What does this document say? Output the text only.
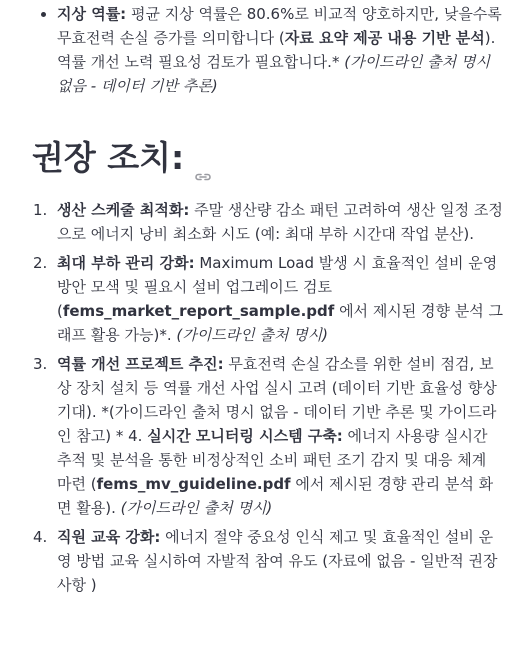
• 지상 역률: 평균 지상 역률은 80.6%로 비교적 양호하지만, 낮을수록 무효전력 손실 증가를 의미합니다 (자료 요약 제공 내용 기반 분석). 역률 개선 노력 필요성 검토가 필요합니다.* (가이드라인 출처 명시 없음 - 데이터 기반 추론)
권장 조치:
1. 생산 스케줄 최적화: 주말 생산량 감소 패턴 고려하여 생산 일정 조정으로 에너지 낭비 최소화 시도 (예: 최대 부하 시간대 작업 분산).
2. 최대 부하 관리 강화: Maximum Load 발생 시 효율적인 설비 운영 방안 모색 및 필요시 설비 업그레이드 검토 (fems_market_report_sample.pdf 에서 제시된 경향 분석 그래프 활용 가능)*. (가이드라인 출처 명시)
3. 역률 개선 프로젝트 추진: 무효전력 손실 감소를 위한 설비 점검, 보상 장치 설치 등 역률 개선 사업 실시 고려 (데이터 기반 효율성 향상 기대). *(가이드라인 출처 명시 없음 - 데이터 기반 추론 및 가이드라인 참고) * 4. 실시간 모니터링 시스템 구축: 에너지 사용량 실시간 추적 및 분석을 통한 비정상적인 소비 패턴 조기 감지 및 대응 체계 마련 (fems_mv_guideline.pdf 에서 제시된 경향 관리 분석 화면 활용). (가이드라인 출처 명시)
4. 직원 교육 강화: 에너지 절약 중요성 인식 제고 및 효율적인 설비 운영 방법 교육 실시하여 자발적 참여 유도 (자료에 없음 - 일반적 권장 사항 )
